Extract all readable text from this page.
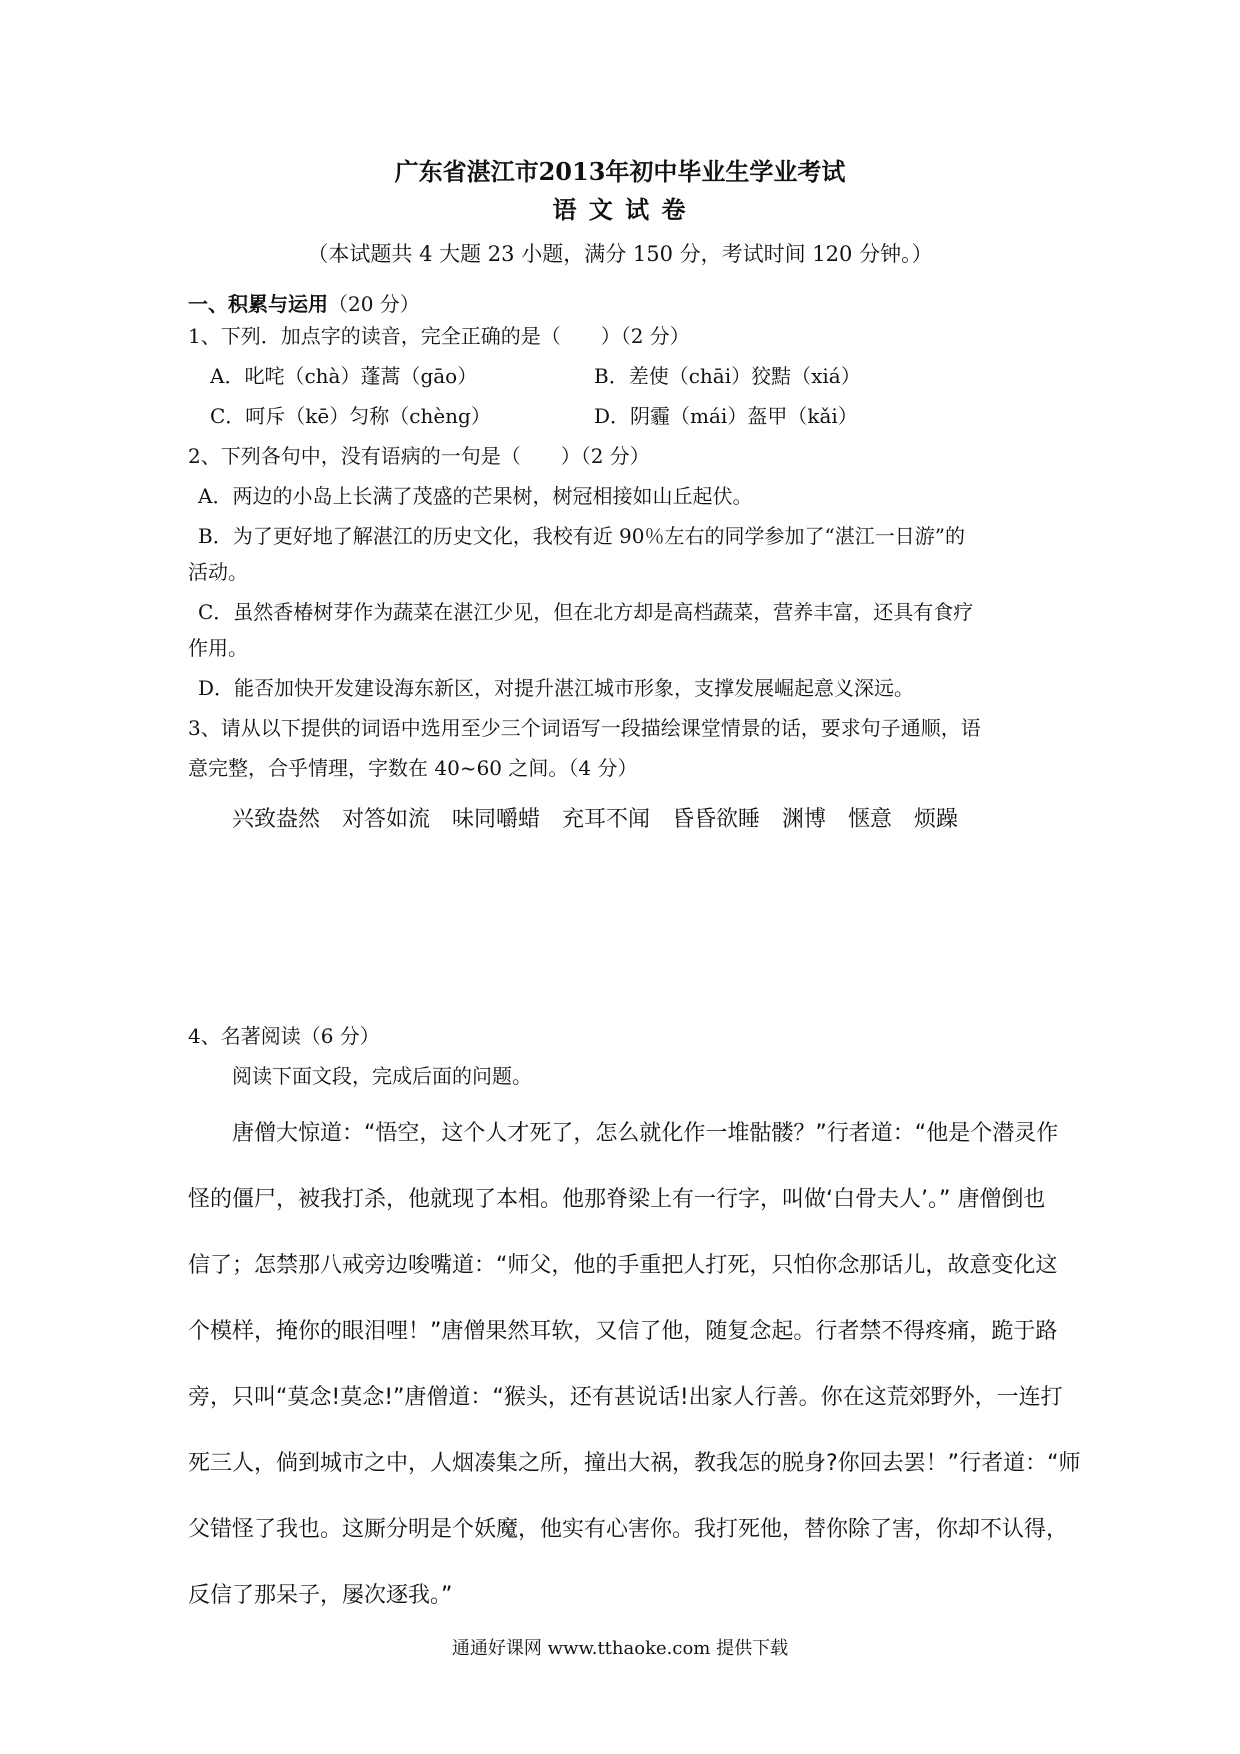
广东省湛江市2013年初中毕业生学业考试
语 文 试 卷
（本试题共 4 大题 23 小题，满分 150 分，考试时间 120 分钟。）
一、积累与运用（20 分）
1、下列．加点字的读音，完全正确的是（　　）（2 分）
A．叱咤（chà）蓬蒿（gāo）	B．差使（chāi）狡黠（xiá）
C．呵斥（kē）匀称（chèng）	D．阴霾（mái）盔甲（kǎi）
2、下列各句中，没有语病的一句是（　　）（2 分）
A．两边的小岛上长满了茂盛的芒果树，树冠相接如山丘起伏。
B．为了更好地了解湛江的历史文化，我校有近 90％左右的同学参加了“湛江一日游”的
活动。
C．虽然香椿树芽作为蔬菜在湛江少见，但在北方却是高档蔬菜，营养丰富，还具有食疗
作用。
D．能否加快开发建设海东新区，对提升湛江城市形象，支撑发展崛起意义深远。
3、请从以下提供的词语中选用至少三个词语写一段描绘课堂情景的话，要求句子通顺，语
意完整，合乎情理，字数在 40~60 之间。（4 分）
兴致盎然　对答如流　味同嚼蜡　充耳不闻　昏昏欲睡　渊博　惬意　烦躁
4、名著阅读（6 分）
阅读下面文段，完成后面的问题。
唐僧大惊道：“悟空，这个人才死了，怎么就化作一堆骷髅？”行者道：“他是个潜灵作
怪的僵尸，被我打杀，他就现了本相。他那脊梁上有一行字，叫做‘白骨夫人’。” 唐僧倒也
信了；怎禁那八戒旁边唆嘴道：“师父，他的手重把人打死，只怕你念那话儿，故意变化这
个模样，掩你的眼泪哩！”唐僧果然耳软，又信了他，随复念起。行者禁不得疼痛，跪于路
旁，只叫“莫念!莫念!”唐僧道：“猴头，还有甚说话!出家人行善。你在这荒郊野外，一连打
死三人，倘到城市之中，人烟凑集之所，撞出大祸，教我怎的脱身?你回去罢！”行者道：“师
父错怪了我也。这厮分明是个妖魔，他实有心害你。我打死他，替你除了害，你却不认得，
反信了那呆子，屡次逐我。”
通通好课网 www.tthaoke.com 提供下载
